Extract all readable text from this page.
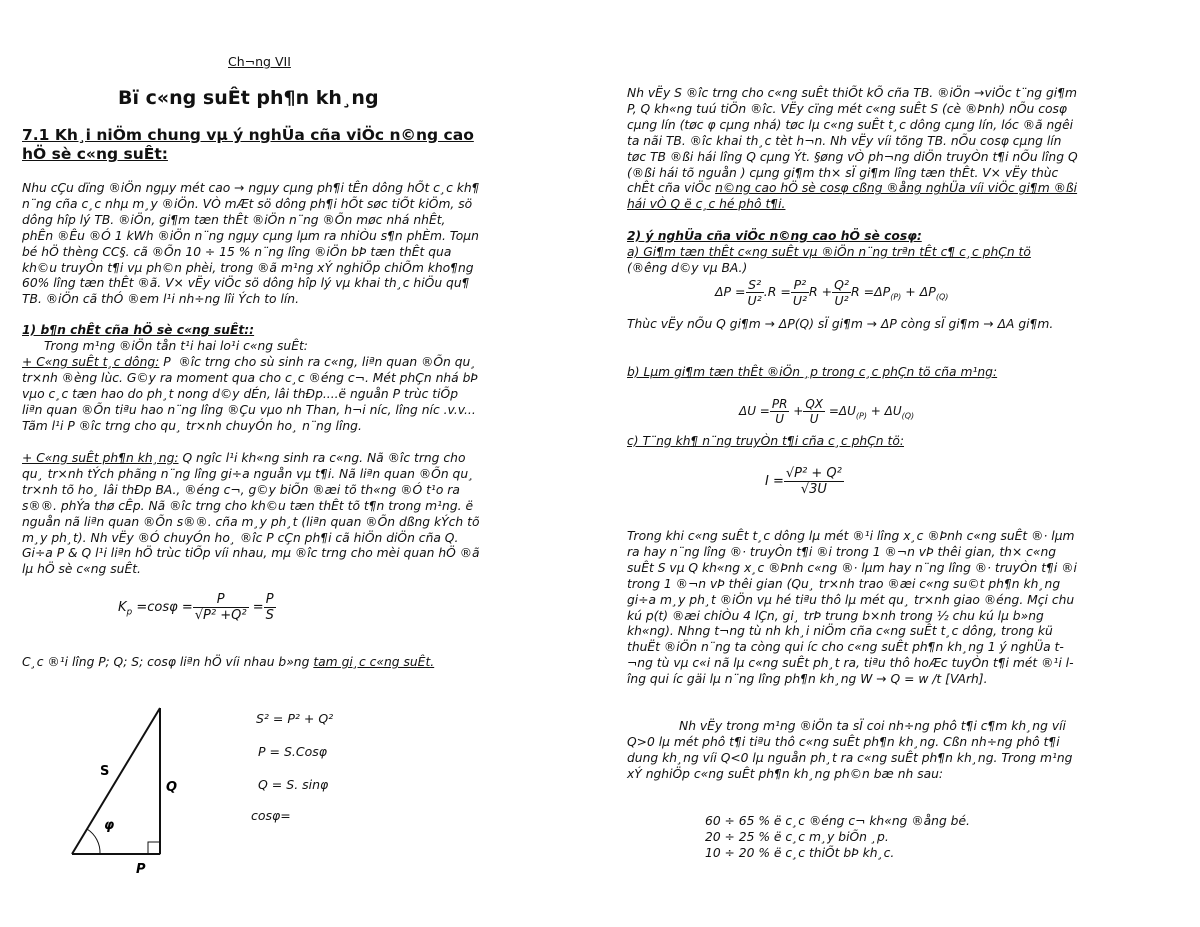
Ch¬ng VII
Bï c«ng suÊt ph¶n kh¸ng
7.1 Kh¸i niÖm chung vµ ý nghÜa cña viÖc n©ng cao hÖ sè c«ng suÊt:

Nhu cÇu dïng ®iÖn ngµy mét cao → ngµy cµng ph¶i tÊn dông hÕt c¸c kh¶ n¨ng cña c¸c nhµ m¸y ®iÖn. VÒ mÆt sö dông ph¶i hÕt søc tiÕt kiÖm, sö dông hîp lý TB. ®iÖn, gi¶m tæn thÊt ®iÖn n¨ng ®Õn møc nhá nhÊt, phÊn ®Êu ®Ó 1 kWh ®iÖn n¨ng ngµy cµng lµm ra nhiÒu s¶n phÈm. Toµn bé hÖ thèng CC§. cã ®Õn 10 ÷ 15 % n¨ng lîng ®iÖn bÞ tæn thÊt qua kh©u truyÒn t¶i vµ ph©n phèi, trong ®ã m¹ng xÝ nghiÖp chiÕm kho¶ng 60% lîng tæn thÊt ®ã. V× vËy viÖc sö dông hîp lý vµ khai th¸c hiÖu qu¶ TB. ®iÖn cã thÓ ®em l¹i nh÷ng lîi Ých to lín.

1) b¶n chÊt cña hÖ sè c«ng suÊt::

Trong m¹ng ®iÖn tån t¹i hai lo¹i c«ng suÊt:

+ C«ng suÊt t¸c dông: P ®îc trng cho sù sinh ra c«ng, liªn quan ®Õn qu¸ tr×nh ®èng lùc. G©y ra moment qua cho c¸c ®éng c¬. Mét phÇn nhá bÞ vµo c¸c tæn hao do ph¸t nong d©y dÉn, lâi thÐp....ë nguån P trùc tiÕp liªn quan ®Õn tiªu hao n¨ng lîng ®Çu vµo nh Than, h¬i níc, lîng níc .v.v... Tãm l¹i P ®îc trng cho qu¸ tr×nh chuyÓn ho¸ n¨ng lîng.

+ C«ng suÊt ph¶n kh¸ng: Q ngîc l¹i kh«ng sinh ra c«ng. Nã ®îc trng cho qu¸ tr×nh tÝch phãng n¨ng lîng gi÷a nguån vµ t¶i. Nã liªn quan ®Õn qu¸ tr×nh tõ ho¸ lâi thÐp BA., ®éng c¬, g©y biÕn ®æi tõ th«ng ®Ó t¹o ra s®®. phÝa thø cÊp. Nã ®îc trng cho kh©u tæn thÊt tõ t¶n trong m¹ng. ë nguån nã liªn quan ®Õn s®®. cña m¸y ph¸t (liªn quan ®Õn dßng kÝch tõ m¸y ph¸t). Nh vËy ®Ó chuyÓn ho¸ ®îc P cÇn ph¶i cã hiÖn diÖn cña Q. Gi÷a P & Q l¹i liªn hÖ trùc tiÕp víi nhau, mµ ®îc trng cho mèi quan hÖ ®ã lµ hÖ sè c«ng suÊt.

$K_p =\cos\varphi = \frac{P}{\text{√P² +Q²}} = \frac{P}{S}$

C¸c ®¹i lîng P; Q; S; cosφ liªn hÖ víi nhau b»ng tam gi¸c c«ng suÊt.

S
Q
φ
P

S² = P² + Q²

P = S.Cosφ

Q = S. sinφ

cosφ=

Nh vËy S ®îc trng cho c«ng suÊt thiÕt kÕ cña TB. ®iÖn →viÖc t¨ng gi¶m P, Q kh«ng tuú tiÖn ®îc. VËy cïng mét c«ng suÊt S (cè ®Þnh) nÕu cosφ cµng lín (tøc φ cµng nhá) tøc lµ c«ng suÊt t¸c dông cµng lín, lóc ®ã ngêi ta nãi TB. ®îc khai th¸c tèt h¬n. Nh vËy víi tõng TB. nÕu cosφ cµng lín tøc TB ®ßi hái lîng Q cµng Ýt. §øng vÒ ph¬ng diÖn truyÒn t¶i nÕu lîng Q (®ßi hái tõ nguån ) cµng gi¶m th× sÏ gi¶m lîng tæn thÊt. V× vËy thùc chÊt cña viÖc n©ng cao hÖ sè cosφ cßng ®ång nghÜa víi viÖc gi¶m ®ßi hái vÒ Q ë c¸c hé phô t¶i.

2) ý nghÜa cña viÖc n©ng cao hÖ sè cosφ:

a) Gi¶m tæn thÊt c«ng suÊt vµ ®iÖn n¨ng trªn tÊt c¶ c¸c phÇn tö

(®êng d©y vµ BA.)

$\Delta P = \frac{\text{S²}}{\text{U²}} .R = \frac{\text{P²}}{\text{U²}}$ $R + \frac{\text{Q²}}{\text{U²}}$ $R =\Delta P_{(P)} + \Delta P_{(Q)}$

Thùc vËy nÕu Q gi¶m → ΔP(Q) sÏ gi¶m → ΔP còng sÏ gi¶m → ΔA gi¶m.

b) Lµm gi¶m tæn thÊt ®iÖn ¸p trong c¸c phÇn tö cña m¹ng:

$\Delta U = \frac{PR}{U} + \frac{QX}{U} =\Delta U_{(P)} + \Delta U_{(Q)}$

c) T¨ng kh¶ n¨ng truyÒn t¶i cña c¸c phÇn tö:

$I = \frac{\text{√P² + Q²}}{√3U}$

Trong khi c«ng suÊt t¸c dông lµ mét ®¹i lîng x¸c ®Þnh c«ng suÊt ®· lµm ra hay n¨ng lîng ®· truyÒn t¶i ®i trong 1 ®¬n vÞ thêi gian, th× c«ng suÊt S vµ Q kh«ng x¸c ®Þnh c«ng ®· lµm hay n¨ng lîng ®· truyÒn t¶i ®i trong 1 ®¬n vÞ thêi gian (Qu¸ tr×nh trao ®æi c«ng su©t ph¶n kh¸ng gi÷a m¸y ph¸t ®iÖn vµ hé tiªu thô lµ mét qu¸ tr×nh giao ®éng. Mçi chu kú p(t) ®æi chiÒu 4 lÇn, gi¸ trÞ trung b×nh trong ½ chu kú lµ b»ng kh«ng). Nhng t¬ng tù nh kh¸i niÖm cña c«ng suÊt t¸c dông, trong kü thuËt ®iÖn n¨ng ta còng qui íc cho c«ng suÊt ph¶n kh¸ng 1 ý nghÜa t¬ng tù vµ c«i nã lµ c«ng suÊt ph¸t ra, tiªu thô hoÆc tuyÒn t¶i mét ®¹i lîng qui íc gäi lµ n¨ng lîng ph¶n kh¸ng W → Q = w /t [VArh].

Nh vËy trong m¹ng ®iÖn ta sÏ coi nh÷ng phô t¶i c¶m kh¸ng víi Q>0 lµ mét phô t¶i tiªu thô c«ng suÊt ph¶n kh¸ng. Cßn nh÷ng phô t¶i dung kh¸ng víi Q<0 lµ nguån ph¸t ra c«ng suÊt ph¶n kh¸ng. Trong m¹ng xÝ nghiÖp c«ng suÊt ph¶n kh¸ng ph©n bæ nh sau:

60 ÷ 65 % ë c¸c ®éng c¬ kh«ng ®ång bé.

20 ÷ 25 % ë c¸c m¸y biÕn ¸p.

10 ÷ 20 % ë c¸c thiÕt bÞ kh¸c.
